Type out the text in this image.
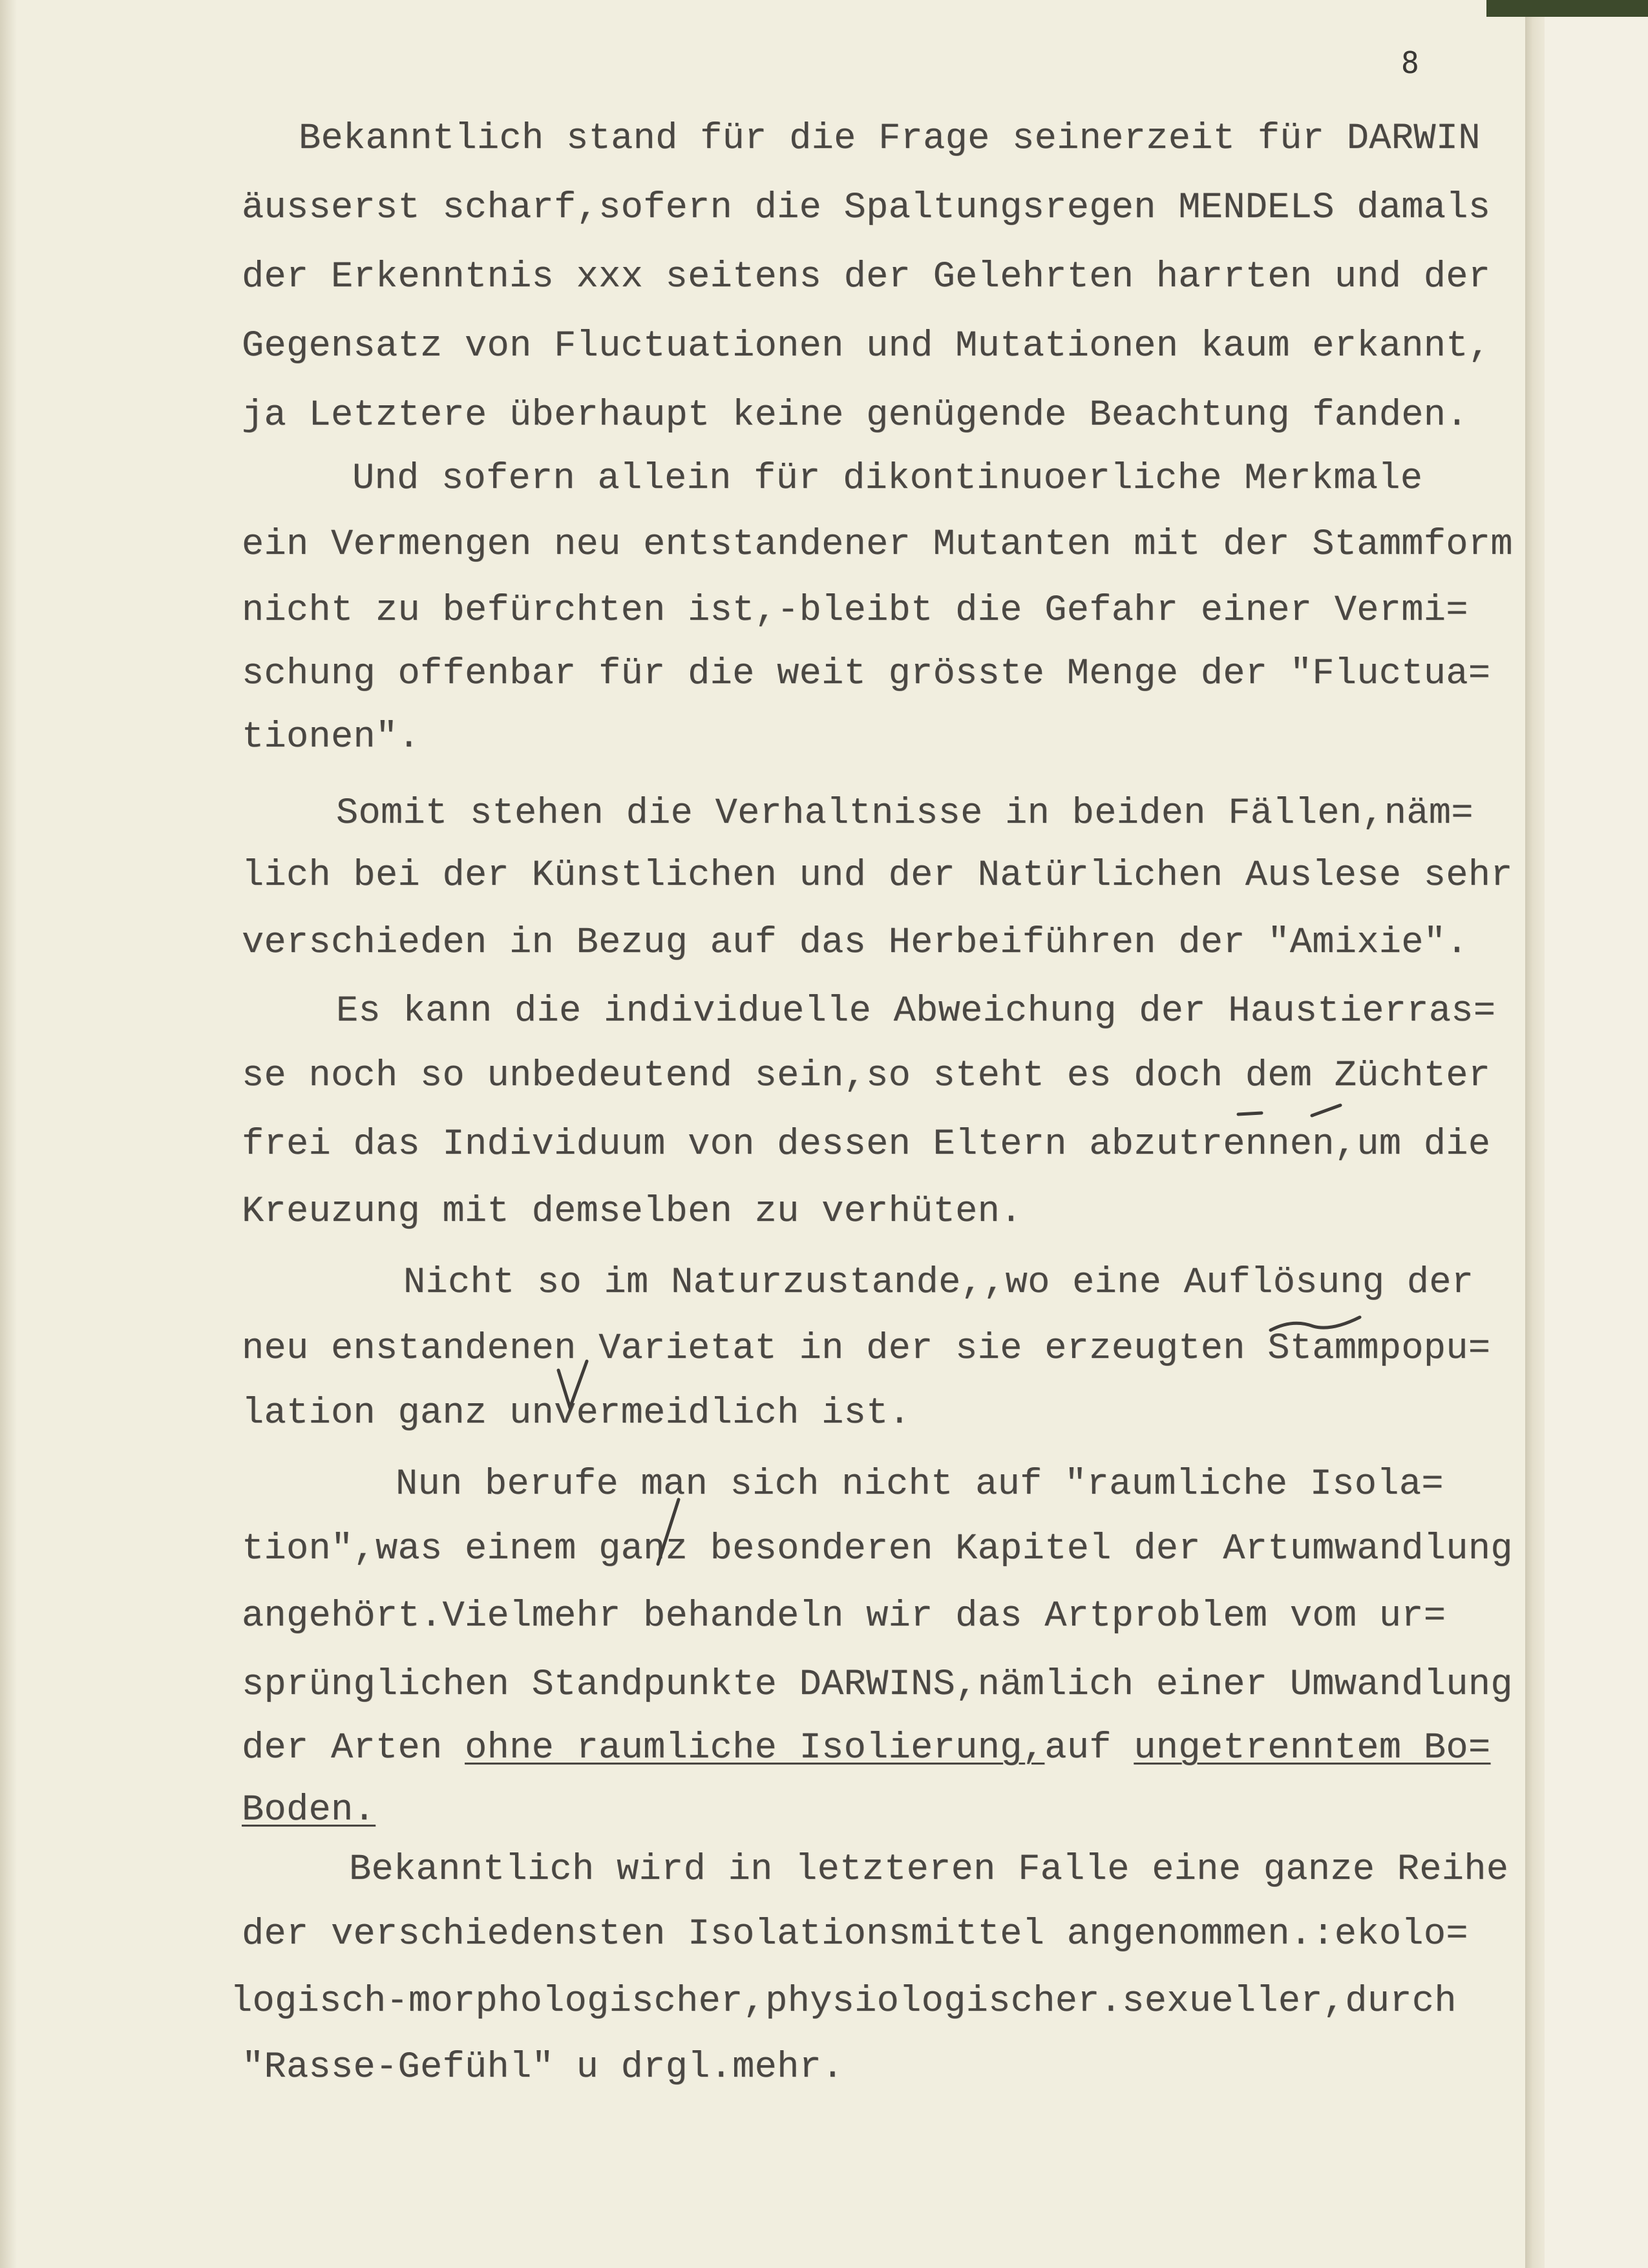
8

Bekanntlich stand für die Frage seinerzeit für DARWIN

äusserst scharf,sofern die Spaltungsregen MENDELS damals

der Erkenntnis xxx seitens der Gelehrten harrten und der

Gegensatz von Fluctuationen und Mutationen kaum erkannt,

ja Letztere überhaupt keine genügende Beachtung fanden.

Und sofern allein für dikontinuoerliche Merkmale

ein Vermengen neu entstandener Mutanten mit der Stammform

nicht zu befürchten ist,-bleibt die Gefahr einer Vermi=

schung offenbar für die weit grösste Menge der "Fluctua=

tionen".

Somit stehen die Verhaltnisse in beiden Fällen,näm=

lich bei der Künstlichen und der Natürlichen Auslese sehr

verschieden in Bezug auf das Herbeiführen der "Amixie".

Es kann die individuelle Abweichung der Haustierras=

se noch so unbedeutend sein,so steht es doch dem Züchter

frei das Individuum von dessen Eltern abzutrennen,um die

Kreuzung mit demselben zu verhüten.

Nicht so im Naturzustande,,wo eine Auflösung der

neu enstandenen Varietat in der sie erzeugten Stammpopu=

lation ganz unvermeidlich ist.

Nun berufe man sich nicht auf "raumliche Isola=

tion",was einem ganz besonderen Kapitel der Artumwandlung

angehört.Vielmehr behandeln wir das Artproblem vom ur=

sprünglichen Standpunkte DARWINS,nämlich einer Umwandlung

der Arten ohne raumliche Isolierung,auf ungetrenntem Bo=

Boden.

Bekanntlich wird in letzteren Falle eine ganze Reihe

der verschiedensten Isolationsmittel angenommen.:ekolo=

logisch-morphologischer,physiologischer.sexueller,durch

"Rasse-Gefühl" u drgl.mehr.
